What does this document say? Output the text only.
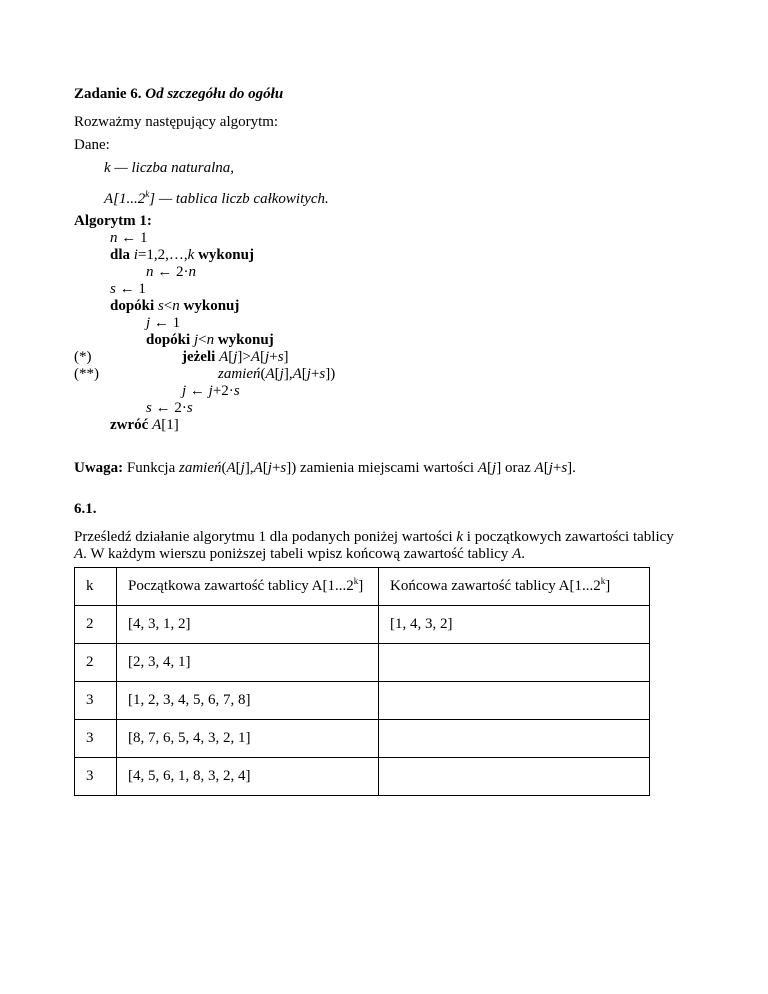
Zadanie 6. Od szczegółu do ogółu
Rozważmy następujący algorytm:
Dane:
k — liczba naturalna,
A[1...2$^k$] — tablica liczb całkowitych.
Algorytm 1:
n ← 1
dla i=1,2,…,k wykonuj
n ← 2·n
s ← 1
dopóki s<n wykonuj
j ← 1
dopóki j<n wykonuj
(*)	jeżeli A[j]>A[j+s]
(**)	zamień(A[j],A[j+s])
j ← j+2·s
s ← 2·s
zwróć A[1]
Uwaga: Funkcja zamień(A[j],A[j+s]) zamienia miejscami wartości A[j] oraz A[j+s].
6.1.
Prześledź działanie algorytmu 1 dla podanych poniżej wartości k i początkowych zawartości tablicy
A. W każdym wierszu poniższej tabeli wpisz końcową zawartość tablicy A.
k	Początkowa zawartość tablicy A[1...2$^k$]	Końcowa zawartość tablicy A[1...2$^k$]
2	[4, 3, 1, 2]	[1, 4, 3, 2]
2	[2, 3, 4, 1]	
3	[1, 2, 3, 4, 5, 6, 7, 8]	
3	[8, 7, 6, 5, 4, 3, 2, 1]	
3	[4, 5, 6, 1, 8, 3, 2, 4]	
